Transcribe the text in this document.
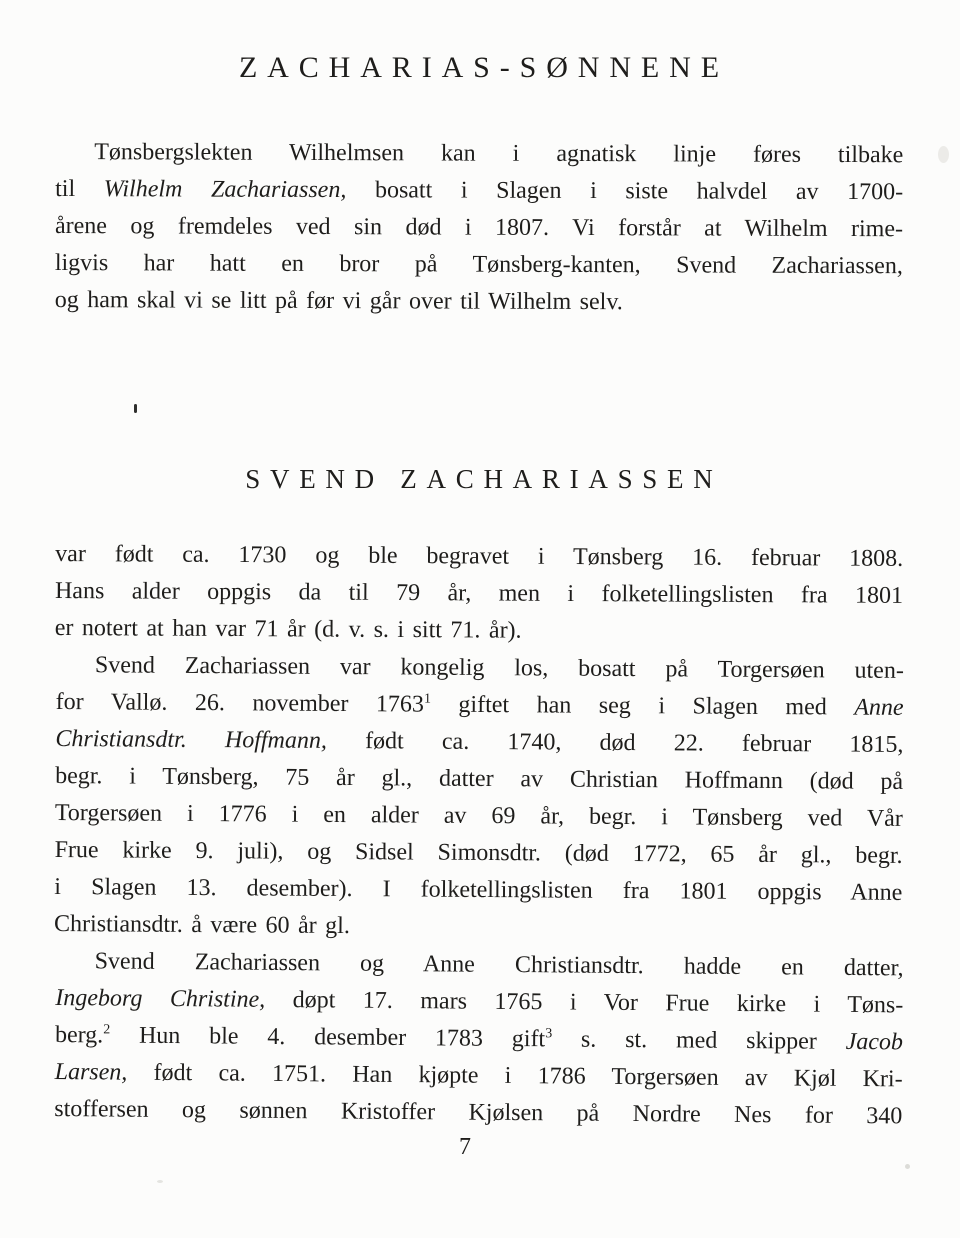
ZACHARIAS-SØNNENE
Tønsbergslekten Wilhelmsen kan i agnatisk linje føres tilbake
til Wilhelm Zachariassen, bosatt i Slagen i siste halvdel av 1700-
årene og fremdeles ved sin død i 1807. Vi forstår at Wilhelm rime-
ligvis har hatt en bror på Tønsberg-kanten, Svend Zachariassen,
og ham skal vi se litt på før vi går over til Wilhelm selv.
SVEND ZACHARIASSEN
var født ca. 1730 og ble begravet i Tønsberg 16. februar 1808.
Hans alder oppgis da til 79 år, men i folketellingslisten fra 1801
er notert at han var 71 år (d. v. s. i sitt 71. år).
Svend Zachariassen var kongelig los, bosatt på Torgersøen uten-
for Vallø. 26. november 1763$^1$ giftet han seg i Slagen med Anne
Christiansdtr. Hoffmann, født ca. 1740, død 22. februar 1815,
begr. i Tønsberg, 75 år gl., datter av Christian Hoffmann (død på
Torgersøen i 1776 i en alder av 69 år, begr. i Tønsberg ved Vår
Frue kirke 9. juli), og Sidsel Simonsdtr. (død 1772, 65 år gl., begr.
i Slagen 13. desember). I folketellingslisten fra 1801 oppgis Anne
Christiansdtr. å være 60 år gl.
Svend Zachariassen og Anne Christiansdtr. hadde en datter,
Ingeborg Christine, døpt 17. mars 1765 i Vor Frue kirke i Tøns-
berg.$^2$ Hun ble 4. desember 1783 gift$^3$ s. st. med skipper Jacob
Larsen, født ca. 1751. Han kjøpte i 1786 Torgersøen av Kjøl Kri-
stoffersen og sønnen Kristoffer Kjølsen på Nordre Nes for 340
7
